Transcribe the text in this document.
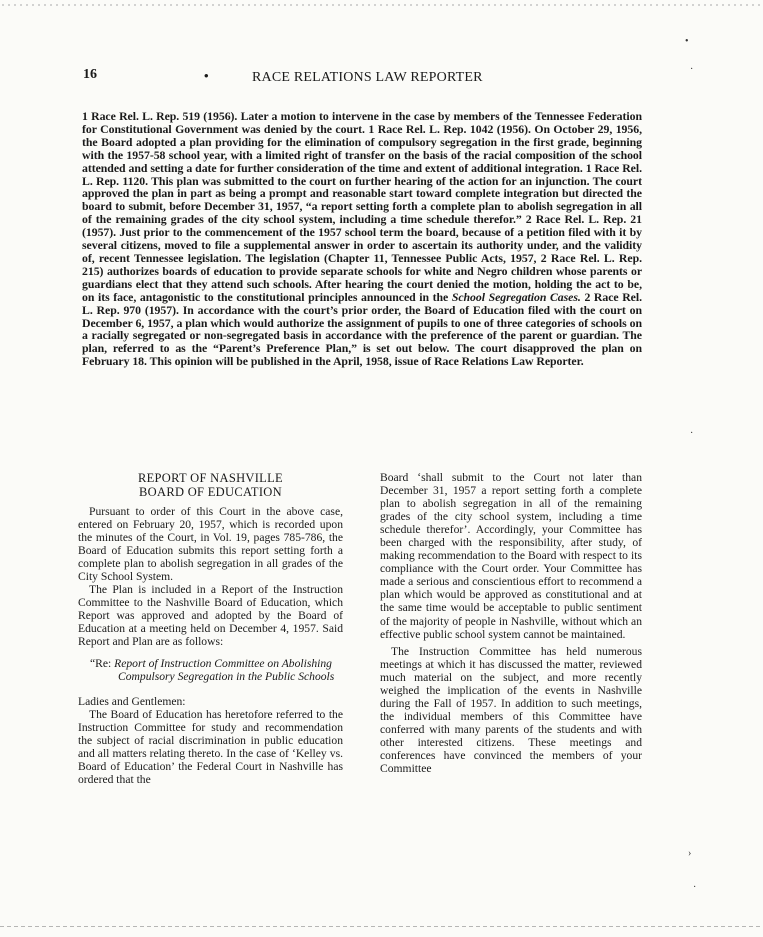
16	•	RACE RELATIONS LAW REPORTER
1 Race Rel. L. Rep. 519 (1956). Later a motion to intervene in the case by members of the Tennessee Federation for Constitutional Government was denied by the court. 1 Race Rel. L. Rep. 1042 (1956). On October 29, 1956, the Board adopted a plan providing for the elimination of compulsory segregation in the first grade, beginning with the 1957-58 school year, with a limited right of transfer on the basis of the racial composition of the school attended and setting a date for further consideration of the time and extent of additional integration. 1 Race Rel. L. Rep. 1120. This plan was submitted to the court on further hearing of the action for an injunction. The court approved the plan in part as being a prompt and reasonable start toward complete integration but directed the board to submit, before December 31, 1957, “a report setting forth a complete plan to abolish segregation in all of the remaining grades of the city school system, including a time schedule therefor.” 2 Race Rel. L. Rep. 21 (1957). Just prior to the commencement of the 1957 school term the board, because of a petition filed with it by several citizens, moved to file a supplemental answer in order to ascertain its authority under, and the validity of, recent Tennessee legislation. The legislation (Chapter 11, Tennessee Public Acts, 1957, 2 Race Rel. L. Rep. 215) authorizes boards of education to provide separate schools for white and Negro children whose parents or guardians elect that they attend such schools. After hearing the court denied the motion, holding the act to be, on its face, antagonistic to the constitutional principles announced in the School Segregation Cases. 2 Race Rel. L. Rep. 970 (1957). In accordance with the court’s prior order, the Board of Education filed with the court on December 6, 1957, a plan which would authorize the assignment of pupils to one of three categories of schools on a racially segregated or non-segregated basis in accordance with the preference of the parent or guardian. The plan, referred to as the “Parent’s Preference Plan,” is set out below. The court disapproved the plan on February 18. This opinion will be published in the April, 1958, issue of Race Relations Law Reporter.

REPORT OF NASHVILLE
BOARD OF EDUCATION

Pursuant to order of this Court in the above case, entered on February 20, 1957, which is recorded upon the minutes of the Court, in Vol. 19, pages 785-786, the Board of Education submits this report setting forth a complete plan to abolish segregation in all grades of the City School System.

The Plan is included in a Report of the Instruction Committee to the Nashville Board of Education, which Report was approved and adopted by the Board of Education at a meeting held on December 4, 1957. Said Report and Plan are as follows:

“Re: Report of Instruction Committee on Abolishing Compulsory Segregation in the Public Schools

Ladies and Gentlemen:

The Board of Education has heretofore referred to the Instruction Committee for study and recommendation the subject of racial discrimination in public education and all matters relating thereto. In the case of ‘Kelley vs. Board of Education’ the Federal Court in Nashville has ordered that the

Board ‘shall submit to the Court not later than December 31, 1957 a report setting forth a complete plan to abolish segregation in all of the remaining grades of the city school system, including a time schedule therefor’. Accordingly, your Committee has been charged with the responsibility, after study, of making recommendation to the Board with respect to its compliance with the Court order. Your Committee has made a serious and conscientious effort to recommend a plan which would be approved as constitutional and at the same time would be acceptable to public sentiment of the majority of people in Nashville, without which an effective public school system cannot be maintained.

The Instruction Committee has held numerous meetings at which it has discussed the matter, reviewed much material on the subject, and more recently weighed the implication of the events in Nashville during the Fall of 1957. In addition to such meetings, the individual members of this Committee have conferred with many parents of the students and with other interested citizens. These meetings and conferences have convinced the members of your Committee

•
·
·
›
·
